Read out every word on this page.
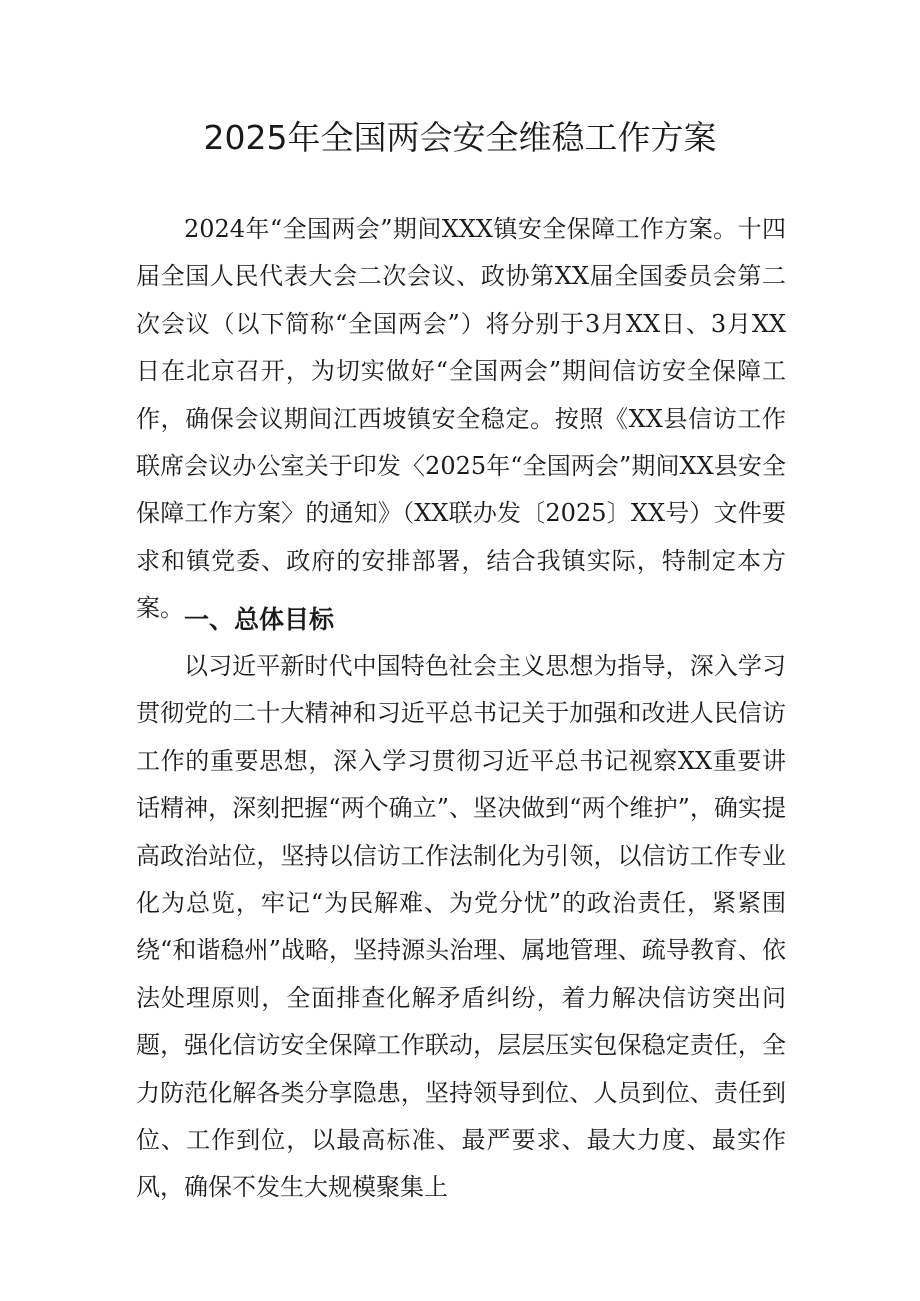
2025年全国两会安全维稳工作方案

2024年“全国两会”期间XXX镇安全保障工作方案。十四届全国人民代表大会二次会议、政协第XX届全国委员会第二次会议（以下简称“全国两会”）将分别于3月XX日、3月XX日在北京召开，为切实做好“全国两会”期间信访安全保障工作，确保会议期间江西坡镇安全稳定。按照《XX县信访工作联席会议办公室关于印发〈2025年“全国两会”期间XX县安全保障工作方案〉的通知》（XX联办发〔2025〕XX号）文件要求和镇党委、政府的安排部署，结合我镇实际，特制定本方案。 一、总体目标

以习近平新时代中国特色社会主义思想为指导，深入学习贯彻党的二十大精神和习近平总书记关于加强和改进人民信访工作的重要思想，深入学习贯彻习近平总书记视察XX重要讲话精神，深刻把握“两个确立”、坚决做到“两个维护”，确实提高政治站位，坚持以信访工作法制化为引领，以信访工作专业化为总览，牢记“为民解难、为党分忧”的政治责任，紧紧围绕“和谐稳州”战略，坚持源头治理、属地管理、疏导教育、依法处理原则，全面排查化解矛盾纠纷，着力解决信访突出问题，强化信访安全保障工作联动，层层压实包保稳定责任，全力防范化解各类分享隐患，坚持领导到位、人员到位、责任到位、工作到位，以最高标准、最严要求、最大力度、最实作风，确保不发生大规模聚集上
